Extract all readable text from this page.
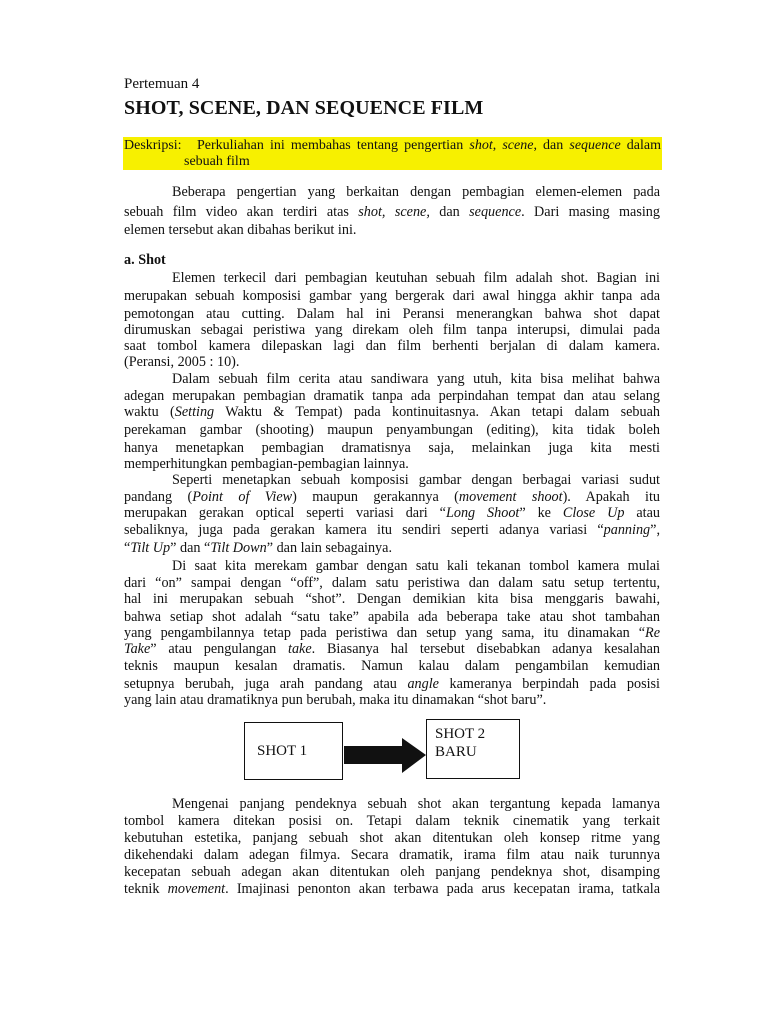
Pertemuan 4
SHOT, SCENE, DAN SEQUENCE FILM
Deskripsi: Perkuliahan ini membahas tentang pengertian shot, scene, dan sequence dalam
sebuah film
Beberapa pengertian yang berkaitan dengan pembagian elemen-elemen pada
sebuah film video akan terdiri atas shot, scene, dan sequence. Dari masing masing
elemen tersebut akan dibahas berikut ini.
a. Shot
Elemen terkecil dari pembagian keutuhan sebuah film adalah shot. Bagian ini
merupakan sebuah komposisi gambar yang bergerak dari awal hingga akhir tanpa ada
pemotongan atau cutting. Dalam hal ini Peransi menerangkan bahwa shot dapat
dirumuskan sebagai peristiwa yang direkam oleh film tanpa interupsi, dimulai pada
saat tombol kamera dilepaskan lagi dan film berhenti berjalan di dalam kamera.
(Peransi, 2005 : 10).
Dalam sebuah film cerita atau sandiwara yang utuh, kita bisa melihat bahwa
adegan merupakan pembagian dramatik tanpa ada perpindahan tempat dan atau selang
waktu (Setting Waktu & Tempat) pada kontinuitasnya. Akan tetapi dalam sebuah
perekaman gambar (shooting) maupun penyambungan (editing), kita tidak boleh
hanya menetapkan pembagian dramatisnya saja, melainkan juga kita mesti
memperhitungkan pembagian-pembagian lainnya.
Seperti menetapkan sebuah komposisi gambar dengan berbagai variasi sudut
pandang (Point of View) maupun gerakannya (movement shoot). Apakah itu
merupakan gerakan optical seperti variasi dari “Long Shoot” ke Close Up atau
sebaliknya, juga pada gerakan kamera itu sendiri seperti adanya variasi “panning”,
“Tilt Up” dan “Tilt Down” dan lain sebagainya.
Di saat kita merekam gambar dengan satu kali tekanan tombol kamera mulai
dari “on” sampai dengan “off”, dalam satu peristiwa dan dalam satu setup tertentu,
hal ini merupakan sebuah “shot”. Dengan demikian kita bisa menggaris bawahi,
bahwa setiap shot adalah “satu take” apabila ada beberapa take atau shot tambahan
yang pengambilannya tetap pada peristiwa dan setup yang sama, itu dinamakan “Re
Take” atau pengulangan take. Biasanya hal tersebut disebabkan adanya kesalahan
teknis maupun kesalan dramatis. Namun kalau dalam pengambilan kemudian
setupnya berubah, juga arah pandang atau angle kameranya berpindah pada posisi
yang lain atau dramatiknya pun berubah, maka itu dinamakan “shot baru”.
SHOT 1
SHOT 2
BARU
Mengenai panjang pendeknya sebuah shot akan tergantung kepada lamanya
tombol kamera ditekan posisi on. Tetapi dalam teknik cinematik yang terkait
kebutuhan estetika, panjang sebuah shot akan ditentukan oleh konsep ritme yang
dikehendaki dalam adegan filmya. Secara dramatik, irama film atau naik turunnya
kecepatan sebuah adegan akan ditentukan oleh panjang pendeknya shot, disamping
teknik movement. Imajinasi penonton akan terbawa pada arus kecepatan irama, tatkala
